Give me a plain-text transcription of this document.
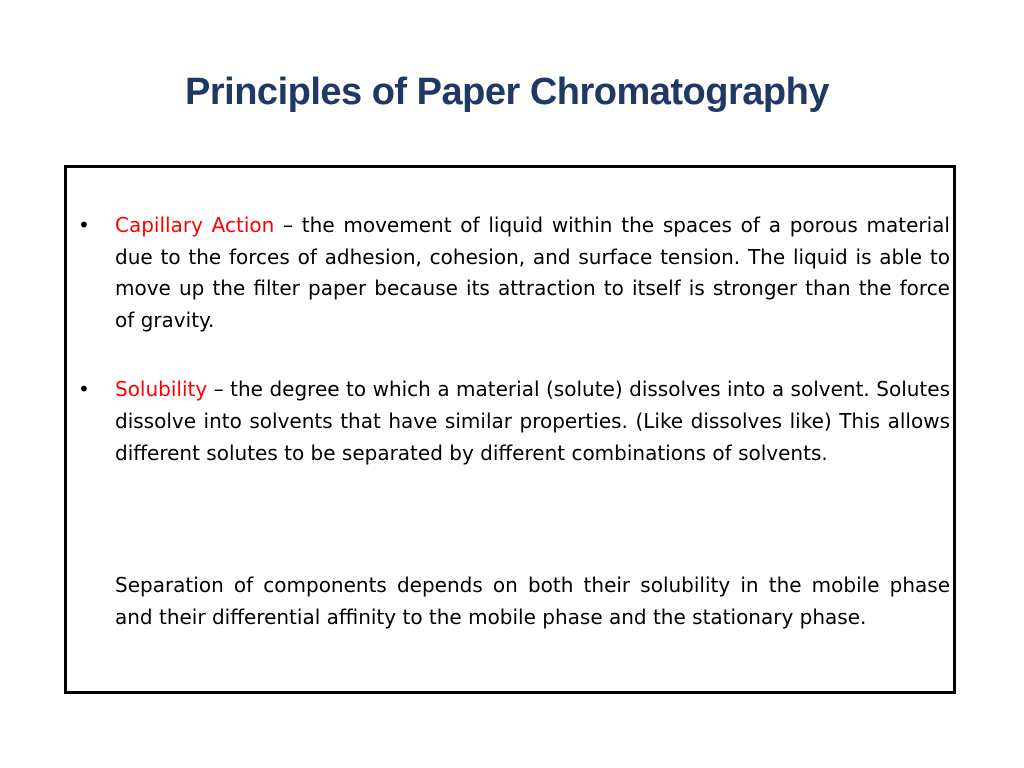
Principles of Paper Chromatography
•	Capillary Action – the movement of liquid within the spaces of a porous material due to the forces of adhesion, cohesion, and surface tension. The liquid is able to move up the filter paper because its attraction to itself is stronger than the force of gravity.
•	Solubility – the degree to which a material (solute) dissolves into a solvent. Solutes dissolve into solvents that have similar properties. (Like dissolves like) This allows different solutes to be separated by different combinations of solvents.
Separation of components depends on both their solubility in the mobile phase and their differential affinity to the mobile phase and the stationary phase.
